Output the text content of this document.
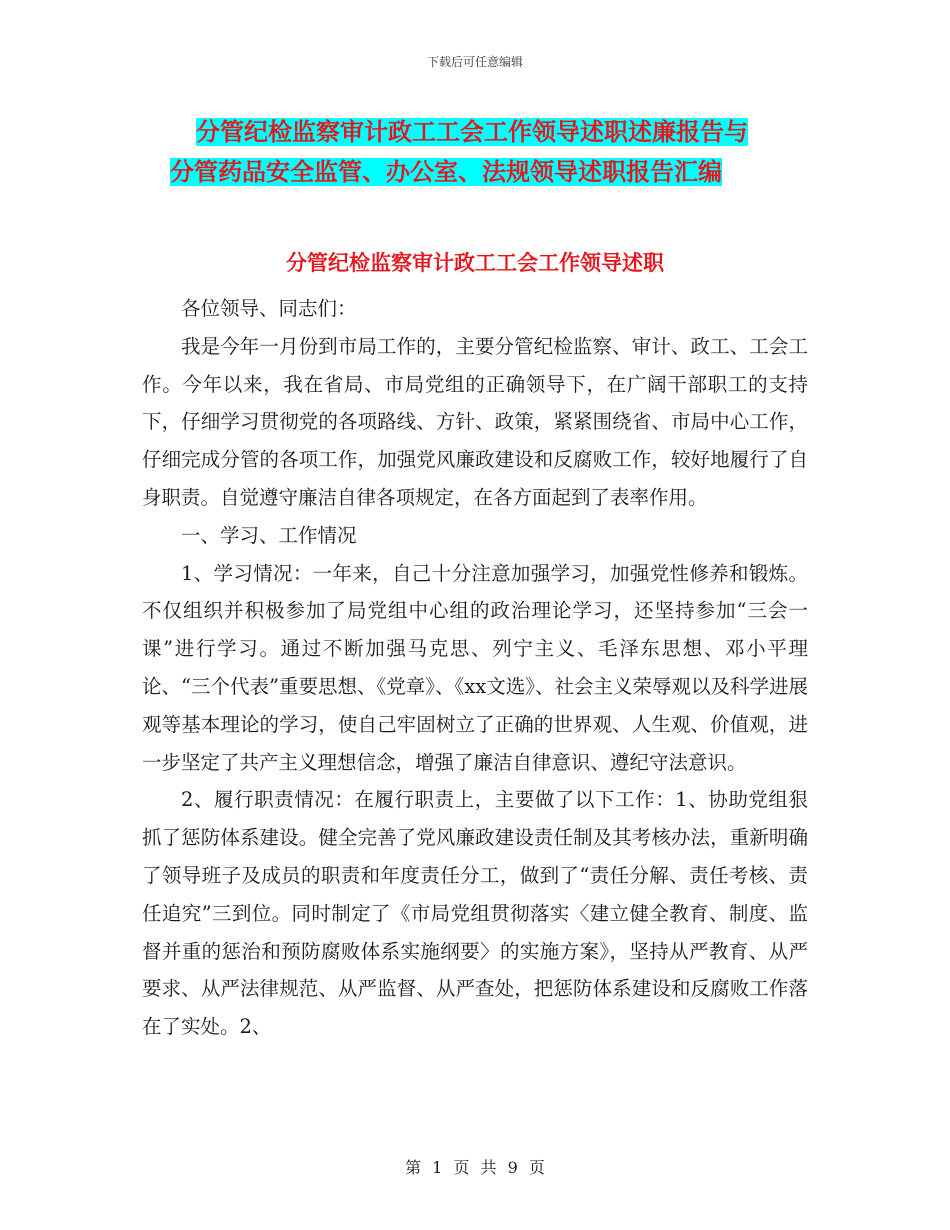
下载后可任意编辑
分管纪检监察审计政工工会工作领导述职述廉报告与
分管药品安全监管、办公室、法规领导述职报告汇编
分管纪检监察审计政工工会工作领导述职

各位领导、同志们：

我是今年一月份到市局工作的，主要分管纪检监察、审计、政工、工会工作。今年以来，我在省局、市局党组的正确领导下，在广阔干部职工的支持下，仔细学习贯彻党的各项路线、方针、政策，紧紧围绕省、市局中心工作，仔细完成分管的各项工作，加强党风廉政建设和反腐败工作，较好地履行了自身职责。自觉遵守廉洁自律各项规定，在各方面起到了表率作用。

一、学习、工作情况

1、学习情况：一年来，自己十分注意加强学习，加强党性修养和锻炼。不仅组织并积极参加了局党组中心组的政治理论学习，还坚持参加“三会一课”进行学习。通过不断加强马克思、列宁主义、毛泽东思想、邓小平理论、“三个代表”重要思想、《党章》、《xx文选》、社会主义荣辱观以及科学进展观等基本理论的学习，使自己牢固树立了正确的世界观、人生观、价值观，进一步坚定了共产主义理想信念，增强了廉洁自律意识、遵纪守法意识。

2、履行职责情况：在履行职责上，主要做了以下工作：1、协助党组狠抓了惩防体系建设。健全完善了党风廉政建设责任制及其考核办法，重新明确了领导班子及成员的职责和年度责任分工，做到了“责任分解、责任考核、责任追究”三到位。同时制定了《市局党组贯彻落实〈建立健全教育、制度、监督并重的惩治和预防腐败体系实施纲要〉的实施方案》，坚持从严教育、从严要求、从严法律规范、从严监督、从严查处，把惩防体系建设和反腐败工作落在了实处。2、

第 1 页 共 9 页
